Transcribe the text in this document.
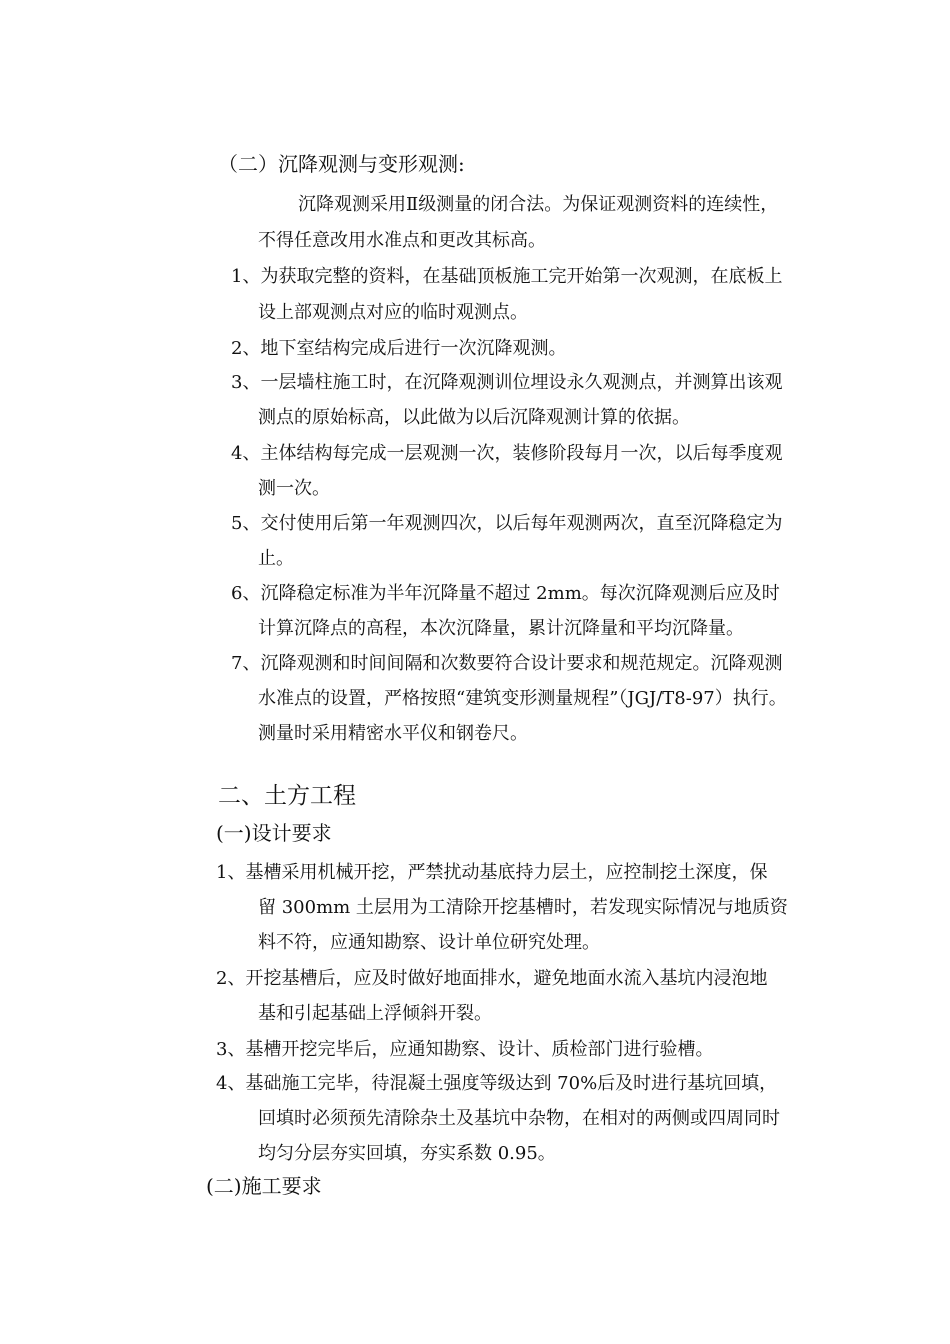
（二）沉降观测与变形观测:
沉降观测采用Ⅱ级测量的闭合法。为保证观测资料的连续性，
不得任意改用水准点和更改其标高。
1、为获取完整的资料，在基础顶板施工完开始第一次观测，在底板上
设上部观测点对应的临时观测点。
2、地下室结构完成后进行一次沉降观测。
3、一层墙柱施工时，在沉降观测训位埋设永久观测点，并测算出该观
测点的原始标高，以此做为以后沉降观测计算的依据。
4、主体结构每完成一层观测一次，装修阶段每月一次，以后每季度观
测一次。
5、交付使用后第一年观测四次，以后每年观测两次，直至沉降稳定为
止。
6、沉降稳定标准为半年沉降量不超过 2mm。每次沉降观测后应及时
计算沉降点的高程，本次沉降量，累计沉降量和平均沉降量。
7、沉降观测和时间间隔和次数要符合设计要求和规范规定。沉降观测
水准点的设置，严格按照“建筑变形测量规程”（JGJ/T8-97）执行。
测量时采用精密水平仪和钢卷尺。
二、土方工程
(一)设计要求
1、基槽采用机械开挖，严禁扰动基底持力层土，应控制挖土深度，保
留 300mm 土层用为工清除开挖基槽时，若发现实际情况与地质资
料不符，应通知勘察、设计单位研究处理。
2、开挖基槽后，应及时做好地面排水，避免地面水流入基坑内浸泡地
基和引起基础上浮倾斜开裂。
3、基槽开挖完毕后，应通知勘察、设计、质检部门进行验槽。
4、基础施工完毕，待混凝土强度等级达到 70%后及时进行基坑回填，
回填时必须预先清除杂土及基坑中杂物，在相对的两侧或四周同时
均匀分层夯实回填，夯实系数 0.95。
(二)施工要求
